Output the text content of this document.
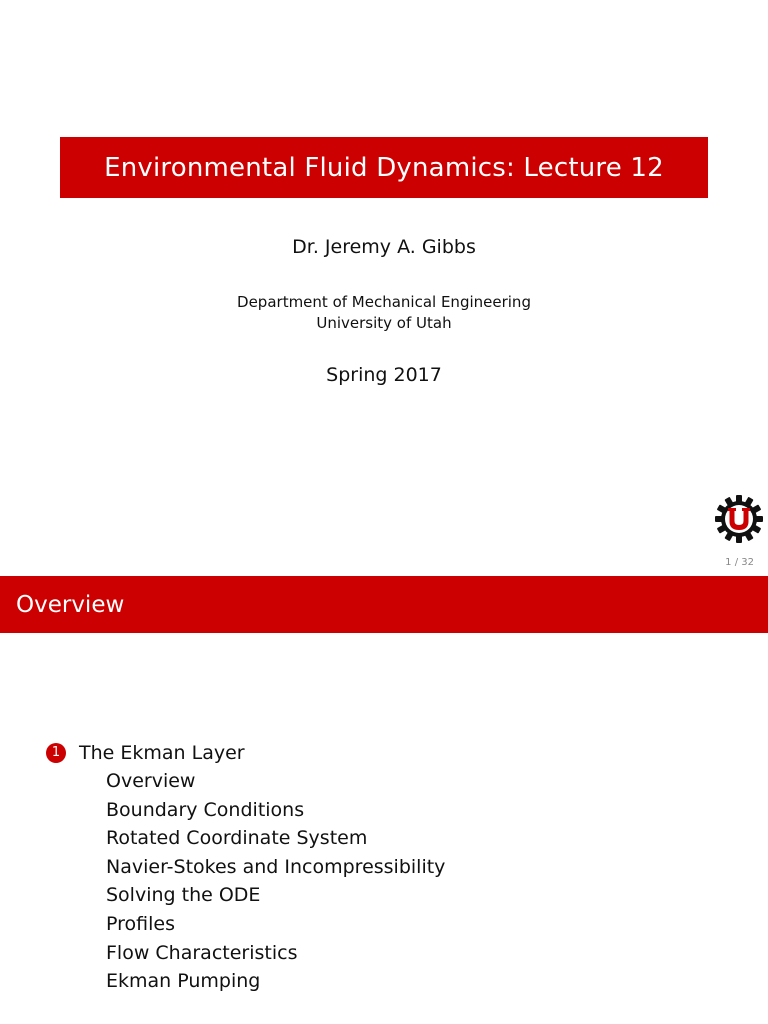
Environmental Fluid Dynamics: Lecture 12
Dr. Jeremy A. Gibbs
Department of Mechanical Engineering
University of Utah
Spring 2017
1 / 32
Overview
1 The Ekman Layer
Overview
Boundary Conditions
Rotated Coordinate System
Navier-Stokes and Incompressibility
Solving the ODE
Profiles
Flow Characteristics
Ekman Pumping
